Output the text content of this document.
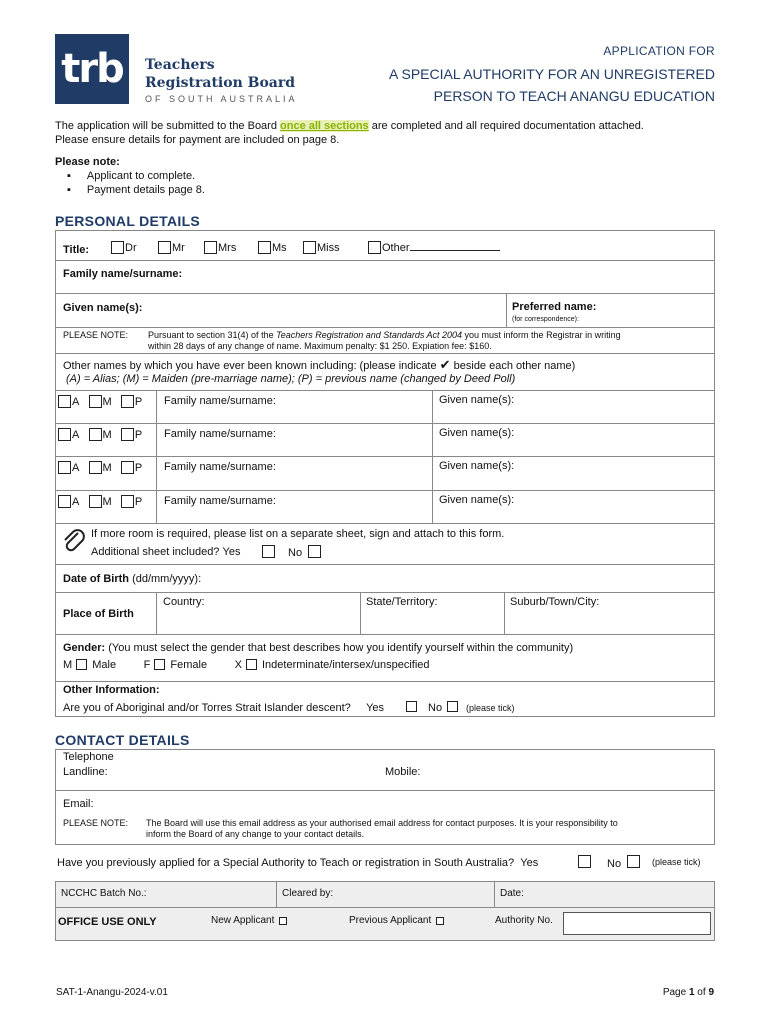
trb Teachers
Registration Board
OF SOUTH AUSTRALIA
APPLICATION FOR
A SPECIAL AUTHORITY FOR AN UNREGISTERED
PERSON TO TEACH ANANGU EDUCATION
The application will be submitted to the Board once all sections are completed and all required documentation attached.
Please ensure details for payment are included on page 8.
Please note:
▪ Applicant to complete.
▪ Payment details page 8.
PERSONAL DETAILS
Title:	Dr	Mr	Mrs	Ms	Miss	Other
Family name/surname:
Given name(s):	Preferred name:
(for correspondence):
PLEASE NOTE: Pursuant to section 31(4) of the Teachers Registration and Standards Act 2004 you must inform the Registrar in writing
within 28 days of any change of name. Maximum penalty: $1 250. Expiation fee: $160.
Other names by which you have ever been known including: (please indicate ✔ beside each other name)
(A) = Alias; (M) = Maiden (pre-marriage name); (P) = previous name (changed by Deed Poll)
A M P Family name/surname:	Given name(s):
A M P Family name/surname:	Given name(s):
A M P Family name/surname:	Given name(s):
A M P Family name/surname:	Given name(s):
If more room is required, please list on a separate sheet, sign and attach to this form.
Additional sheet included? Yes	No
Date of Birth (dd/mm/yyyy):
Place of Birth
Country:	State/Territory:	Suburb/Town/City:
Gender: (You must select the gender that best describes how you identify yourself within the community)
M Male	F Female	X Indeterminate/intersex/unspecified
Other Information:
Are you of Aboriginal and/or Torres Strait Islander descent? Yes	No	(please tick)
CONTACT DETAILS
Telephone
Landline:	Mobile:
Email:
PLEASE NOTE: The Board will use this email address as your authorised email address for contact purposes. It is your responsibility to
inform the Board of any change to your contact details.
Have you previously applied for a Special Authority to Teach or registration in South Australia? Yes	No	(please tick)
NCCHC Batch No.:	Cleared by:	Date:
OFFICE USE ONLY	New Applicant	Previous Applicant	Authority No.
SAT-1-Anangu-2024-v.01	Page 1 of 9
